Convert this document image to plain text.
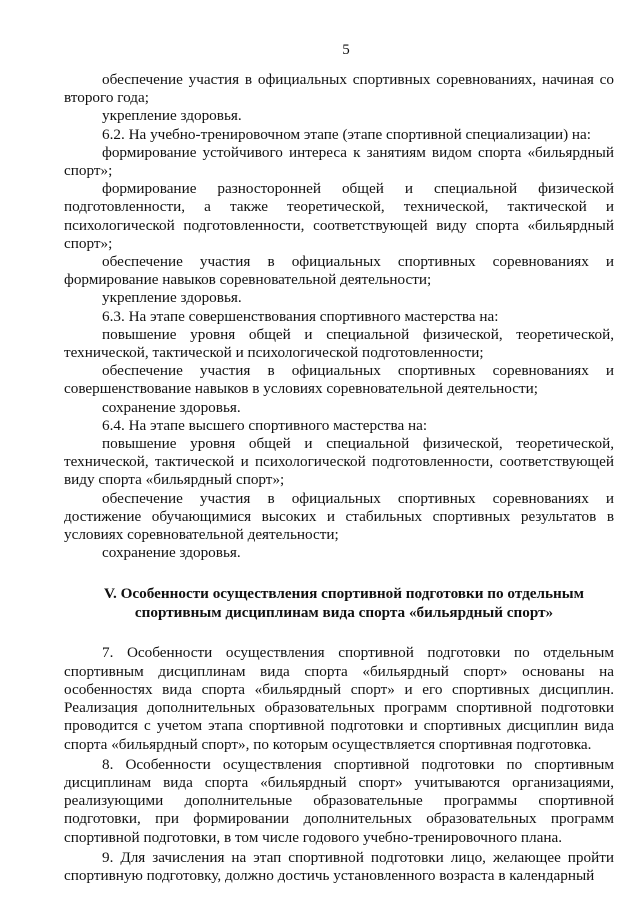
5

обеспечение участия в официальных спортивных соревнованиях, начиная со второго года;

укрепление здоровья.

6.2. На учебно-тренировочном этапе (этапе спортивной специализации) на:

формирование устойчивого интереса к занятиям видом спорта «бильярдный спорт»;

формирование разносторонней общей и специальной физической подготовленности, а также теоретической, технической, тактической и психологической подготовленности, соответствующей виду спорта «бильярдный спорт»;

обеспечение участия в официальных спортивных соревнованиях и формирование навыков соревновательной деятельности;

укрепление здоровья.

6.3. На этапе совершенствования спортивного мастерства на:

повышение уровня общей и специальной физической, теоретической, технической, тактической и психологической подготовленности;

обеспечение участия в официальных спортивных соревнованиях и совершенствование навыков в условиях соревновательной деятельности;

сохранение здоровья.

6.4. На этапе высшего спортивного мастерства на:

повышение уровня общей и специальной физической, теоретической, технической, тактической и психологической подготовленности, соответствующей виду спорта «бильярдный спорт»;

обеспечение участия в официальных спортивных соревнованиях и достижение обучающимися высоких и стабильных спортивных результатов в условиях соревновательной деятельности;

сохранение здоровья.

V. Особенности осуществления спортивной подготовки по отдельным
спортивным дисциплинам вида спорта «бильярдный спорт»

7. Особенности осуществления спортивной подготовки по отдельным спортивным дисциплинам вида спорта «бильярдный спорт» основаны на особенностях вида спорта «бильярдный спорт» и его спортивных дисциплин. Реализация дополнительных образовательных программ спортивной подготовки проводится с учетом этапа спортивной подготовки и спортивных дисциплин вида спорта «бильярдный спорт», по которым осуществляется спортивная подготовка.

8. Особенности осуществления спортивной подготовки по спортивным дисциплинам вида спорта «бильярдный спорт» учитываются организациями, реализующими дополнительные образовательные программы спортивной подготовки, при формировании дополнительных образовательных программ спортивной подготовки, в том числе годового учебно-тренировочного плана.

9. Для зачисления на этап спортивной подготовки лицо, желающее пройти спортивную подготовку, должно достичь установленного возраста в календарный
